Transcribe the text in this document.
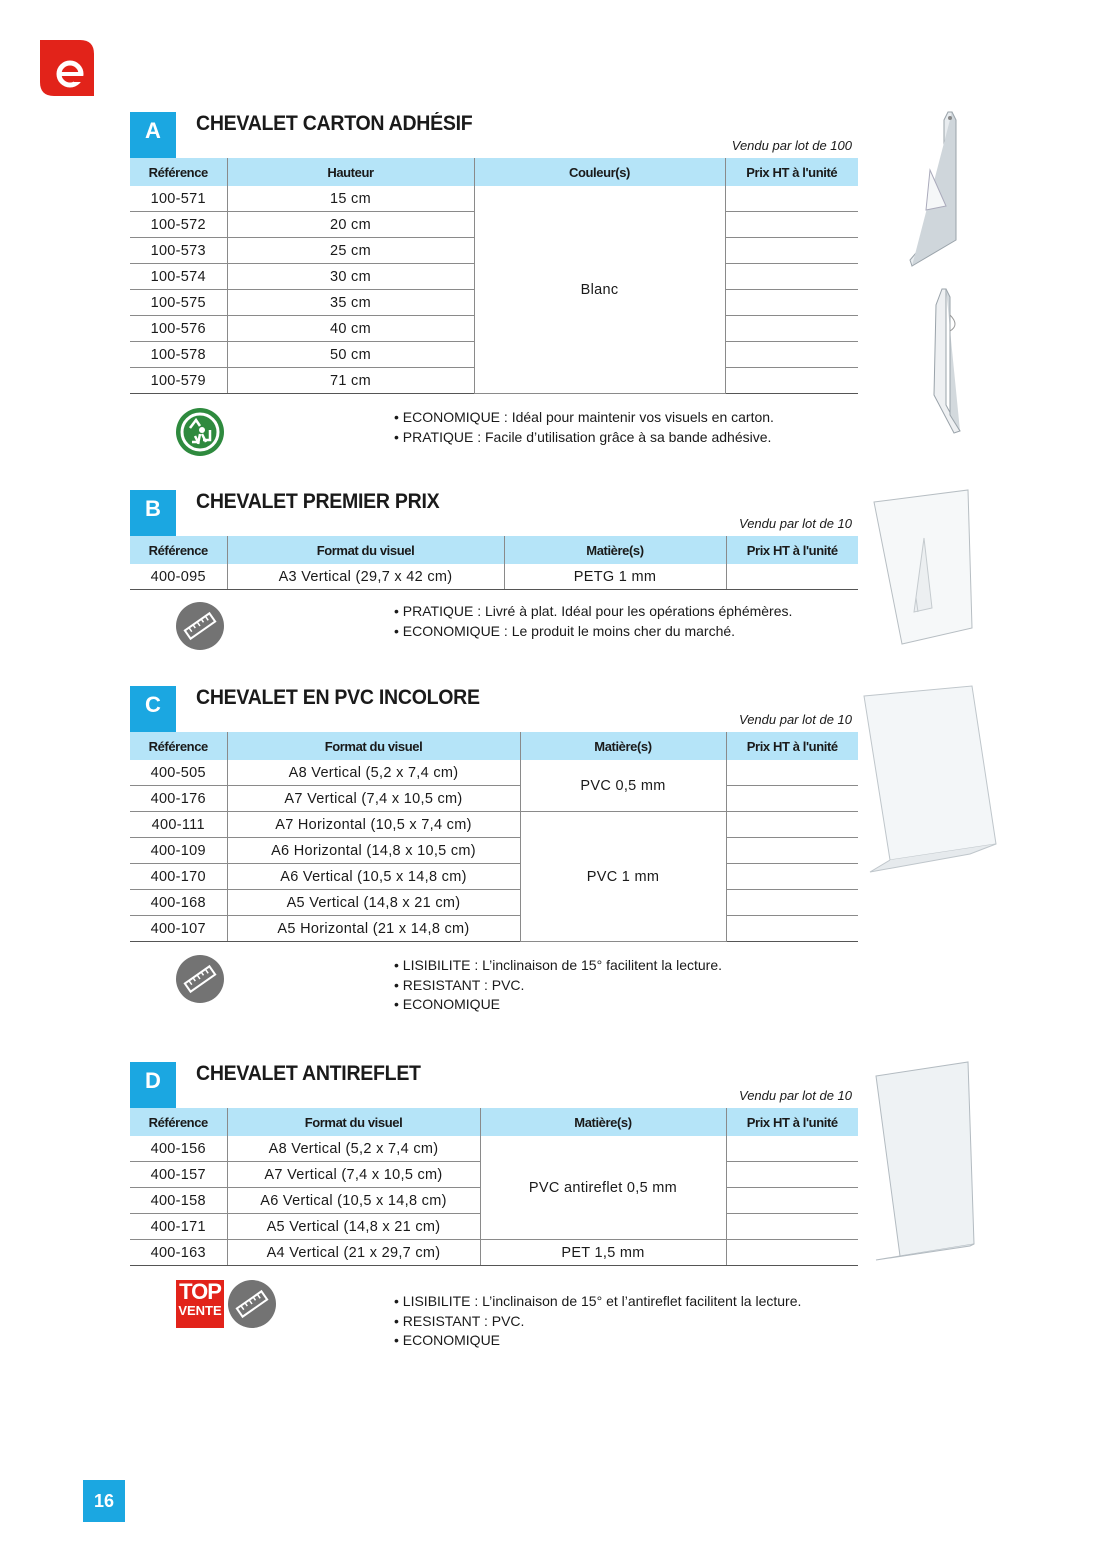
A	CHEVALET CARTON ADHÉSIF
Vendu par lot de 100
Référence	Hauteur	Couleur(s)	Prix HT à l'unité
100-571	15 cm	Blanc	
100-572	20 cm		
100-573	25 cm		
100-574	30 cm		
100-575	35 cm		
100-576	40 cm		
100-578	50 cm		
100-579	71 cm		
• ECONOMIQUE : Idéal pour maintenir vos visuels en carton.
• PRATIQUE : Facile d’utilisation grâce à sa bande adhésive.
B	CHEVALET PREMIER PRIX
Vendu par lot de 10
Référence	Format du visuel	Matière(s)	Prix HT à l'unité
400-095	A3 Vertical (29,7 x 42 cm)	PETG 1 mm	
• PRATIQUE : Livré à plat. Idéal pour les opérations éphémères.
• ECONOMIQUE : Le produit le moins cher du marché.
C	CHEVALET EN PVC INCOLORE
Vendu par lot de 10
Référence	Format du visuel	Matière(s)	Prix HT à l'unité
400-505	A8 Vertical (5,2 x 7,4 cm)	PVC 0,5 mm	
400-176	A7 Vertical (7,4 x 10,5 cm)		
400-111	A7 Horizontal (10,5 x 7,4 cm)	PVC 1 mm	
400-109	A6 Horizontal (14,8 x 10,5 cm)		
400-170	A6 Vertical (10,5 x 14,8 cm)		
400-168	A5 Vertical (14,8 x 21 cm)		
400-107	A5 Horizontal (21 x 14,8 cm)		
• LISIBILITE : L’inclinaison de 15° facilitent la lecture.
• RESISTANT : PVC.
• ECONOMIQUE
D	CHEVALET ANTIREFLET
Vendu par lot de 10
Référence	Format du visuel	Matière(s)	Prix HT à l'unité
400-156	A8 Vertical (5,2 x 7,4 cm)	PVC antireflet 0,5 mm	
400-157	A7 Vertical (7,4 x 10,5 cm)		
400-158	A6 Vertical (10,5 x 14,8 cm)		
400-171	A5 Vertical (14,8 x 21 cm)		
400-163	A4 Vertical (21 x 29,7 cm)	PET 1,5 mm	
• LISIBILITE : L’inclinaison de 15° et l’antireflet facilitent la lecture.
• RESISTANT : PVC.
• ECONOMIQUE
TOP
VENTE
16
